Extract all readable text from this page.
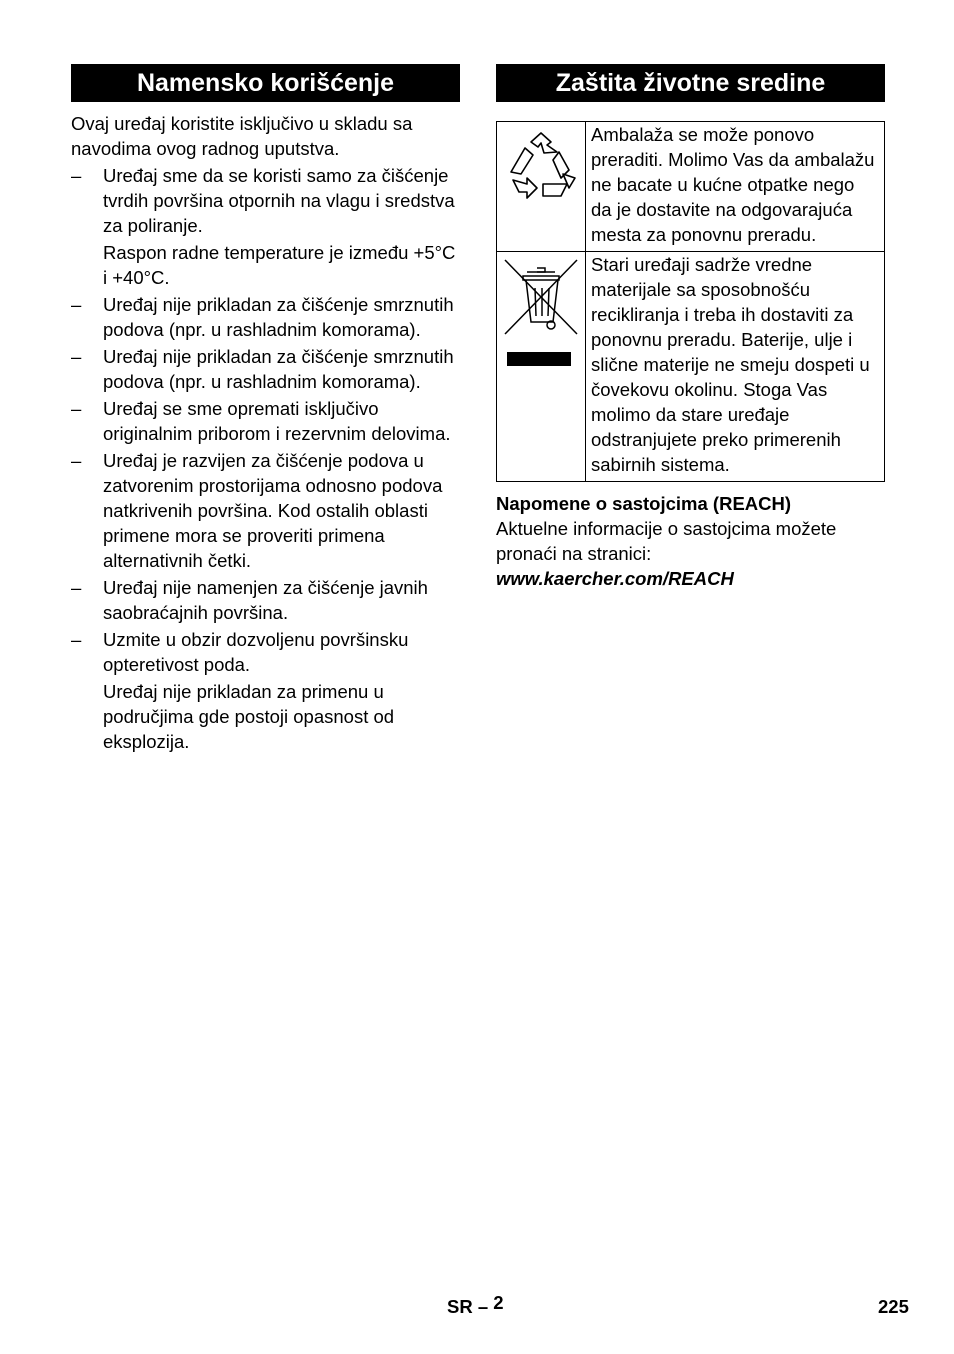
Namensko korišćenje
Ovaj uređaj koristite isključivo u skladu sa navodima ovog radnog uputstva.
– Uređaj sme da se koristi samo za čišćenje tvrdih površina otpornih na vlagu i sredstva za poliranje.
Raspon radne temperature je između +5°C i +40°C.
– Uređaj nije prikladan za čišćenje smrznutih podova (npr. u rashladnim komorama).
– Uređaj nije prikladan za čišćenje smrznutih podova (npr. u rashladnim komorama).
– Uređaj se sme opremati isključivo originalnim priborom i rezervnim delovima.
– Uređaj je razvijen za čišćenje podova u zatvorenim prostorijama odnosno podova natkrivenih površina. Kod ostalih oblasti primene mora se proveriti primena alternativnih četki.
– Uređaj nije namenjen za čišćenje javnih saobraćajnih površina.
– Uzmite u obzir dozvoljenu površinsku opteretivost poda.
Uređaj nije prikladan za primenu u područjima gde postoji opasnost od eksplozija.
Zaštita životne sredine
	Ambalaža se može ponovo preraditi. Molimo Vas da ambalažu ne bacate u kućne otpatke nego da je dostavite na odgovarajuća mesta za ponovnu preradu.
	Stari uređaji sadrže vredne materijale sa sposobnošću recikliranja i treba ih dostaviti za ponovnu preradu. Baterije, ulje i slične materije ne smeju dospeti u čovekovu okolinu. Stoga Vas molimo da stare uređaje odstranjujete preko primerenih sabirnih sistema.
Napomene o sastojcima (REACH)
Aktuelne informacije o sastojcima možete pronaći na stranici:
www.kaercher.com/REACH
SR – 2	225
